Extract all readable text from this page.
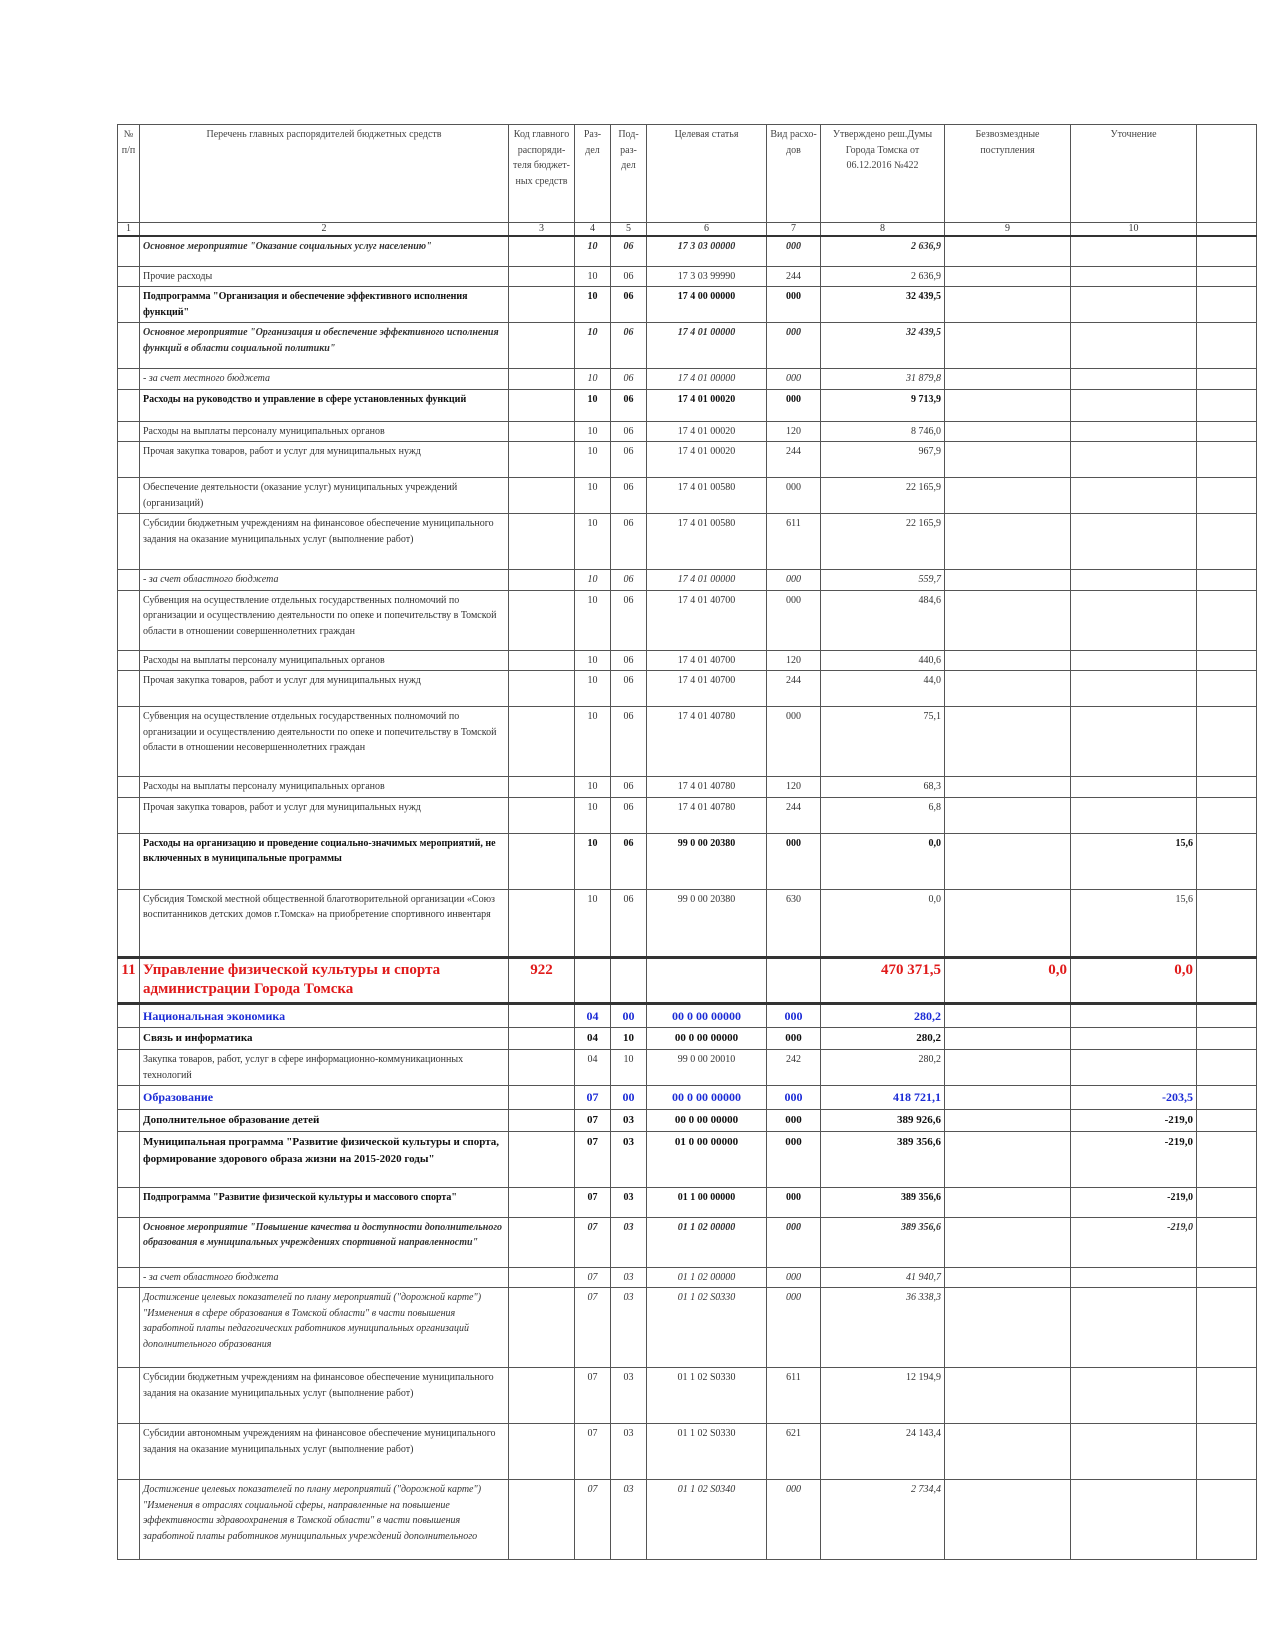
№ п/п	Перечень главных распорядителей бюджетных средств	Код главного распоряди-теля бюджет-ных средств	Раз-дел	Под-раз-дел	Целевая статья	Вид расхо-дов	Утверждено реш.Думы Города Томска от 06.12.2016 №422	Безвозмездные поступления	Уточнение	
1	2	3	4	5	6	7	8	9	10	
	Основное мероприятие "Оказание социальных услуг населению"		10	06	17 3 03 00000	000	2 636,9			
	Прочие расходы		10	06	17 3 03 99990	244	2 636,9			
	Подпрограмма "Организация и обеспечение эффективного исполнения функций"		10	06	17 4 00 00000	000	32 439,5			
	Основное мероприятие "Организация и обеспечение эффективного исполнения функций в области социальной политики"		10	06	17 4 01 00000	000	32 439,5			
	- за счет местного бюджета		10	06	17 4 01 00000	000	31 879,8			
	Расходы на руководство и управление в сфере установленных функций		10	06	17 4 01 00020	000	9 713,9			
	Расходы на выплаты персоналу муниципальных органов		10	06	17 4 01 00020	120	8 746,0			
	Прочая закупка товаров, работ и услуг для муниципальных нужд		10	06	17 4 01 00020	244	967,9			
	Обеспечение деятельности (оказание услуг) муниципальных учреждений (организаций)		10	06	17 4 01 00580	000	22 165,9			
	Субсидии бюджетным учреждениям на финансовое обеспечение муниципального задания на оказание муниципальных услуг (выполнение работ)		10	06	17 4 01 00580	611	22 165,9			
	- за счет областного бюджета		10	06	17 4 01 00000	000	559,7			
	Субвенция на осуществление отдельных государственных полномочий по организации и осуществлению деятельности по опеке и попечительству в Томской области в отношении совершеннолетних граждан		10	06	17 4 01 40700	000	484,6			
	Расходы на выплаты персоналу муниципальных органов		10	06	17 4 01 40700	120	440,6			
	Прочая закупка товаров, работ и услуг для муниципальных нужд		10	06	17 4 01 40700	244	44,0			
	Субвенция на осуществление отдельных государственных полномочий по организации и осуществлению деятельности по опеке и попечительству в Томской области в отношении несовершеннолетних граждан		10	06	17 4 01 40780	000	75,1			
	Расходы на выплаты персоналу муниципальных органов		10	06	17 4 01 40780	120	68,3			
	Прочая закупка товаров, работ и услуг для муниципальных нужд		10	06	17 4 01 40780	244	6,8			
	Расходы на организацию и проведение социально-значимых мероприятий, не включенных в муниципальные программы		10	06	99 0 00 20380	000	0,0		15,6	
	Субсидия Томской местной общественной благотворительной организации «Союз воспитанников детских домов г.Томска» на приобретение спортивного инвентаря		10	06	99 0 00 20380	630	0,0		15,6	
11	Управление физической культуры и спорта администрации Города Томска	922					470 371,5	0,0	0,0	
	Национальная экономика		04	00	00 0 00 00000	000	280,2			
	Связь и информатика		04	10	00 0 00 00000	000	280,2			
	Закупка товаров, работ, услуг в сфере информационно-коммуникационных технологий		04	10	99 0 00 20010	242	280,2			
	Образование		07	00	00 0 00 00000	000	418 721,1		-203,5	
	Дополнительное образование детей		07	03	00 0 00 00000	000	389 926,6		-219,0	
	Муниципальная программа "Развитие физической культуры и спорта, формирование здорового образа жизни на 2015-2020 годы"		07	03	01 0 00 00000	000	389 356,6		-219,0	
	Подпрограмма "Развитие физической культуры и массового спорта"		07	03	01 1 00 00000	000	389 356,6		-219,0	
	Основное мероприятие "Повышение качества и доступности дополнительного образования в муниципальных учреждениях спортивной направленности"		07	03	01 1 02 00000	000	389 356,6		-219,0	
	- за счет областного бюджета		07	03	01 1 02 00000	000	41 940,7			
	Достижение целевых показателей по плану мероприятий ("дорожной карте") "Изменения в сфере образования в Томской области" в части повышения заработной платы педагогических работников муниципальных организаций дополнительного образования		07	03	01 1 02 S0330	000	36 338,3			
	Субсидии бюджетным учреждениям на финансовое обеспечение муниципального задания на оказание муниципальных услуг (выполнение работ)		07	03	01 1 02 S0330	611	12 194,9			
	Субсидии автономным учреждениям на финансовое обеспечение муниципального задания на оказание муниципальных услуг (выполнение работ)		07	03	01 1 02 S0330	621	24 143,4			
	Достижение целевых показателей по плану мероприятий ("дорожной карте") "Изменения в отраслях социальной сферы, направленные на повышение эффективности здравоохранения в Томской области" в части повышения заработной платы работников муниципальных учреждений дополнительного		07	03	01 1 02 S0340	000	2 734,4			
